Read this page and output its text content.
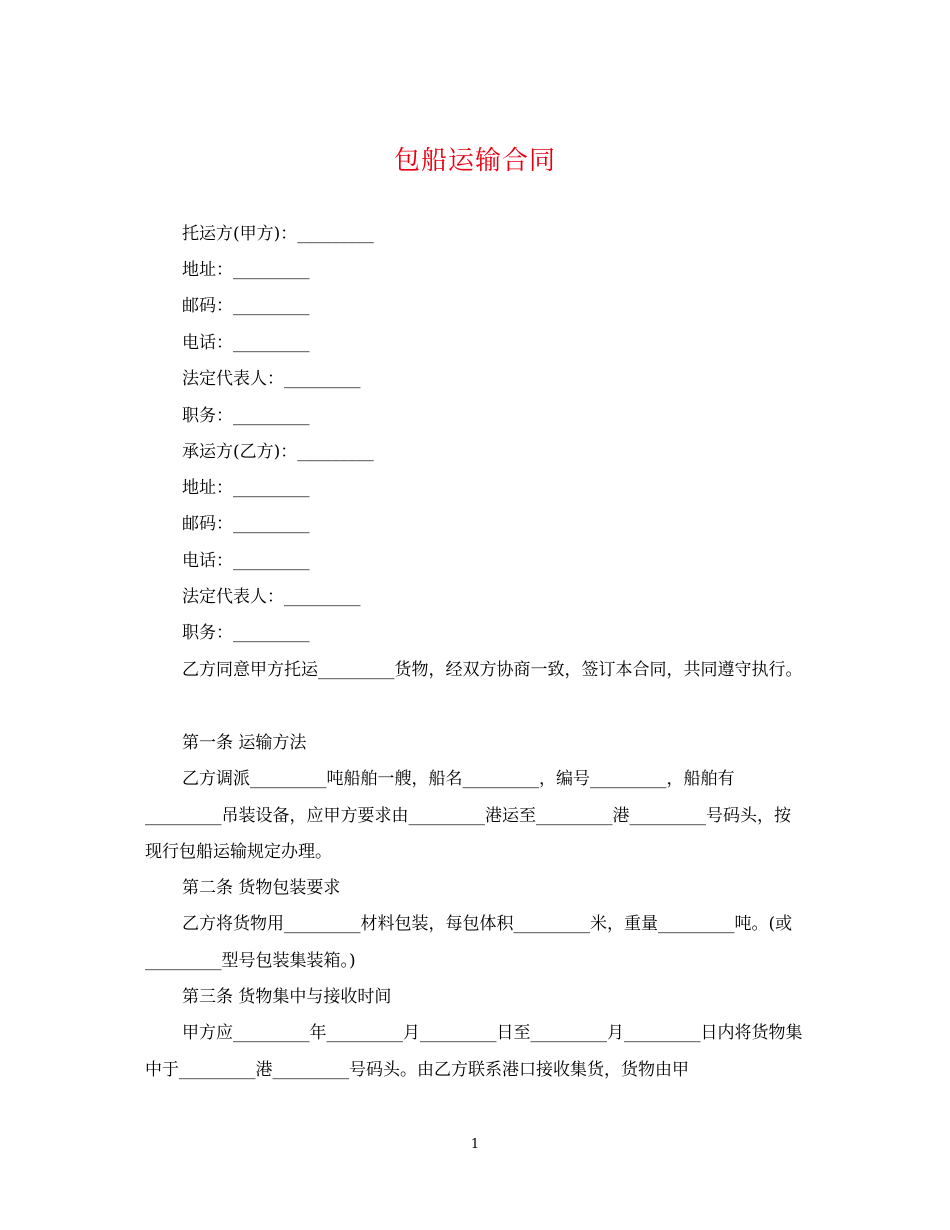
包船运输合同
托运方(甲方)：_________
地址：_________
邮码：_________
电话：_________
法定代表人：_________
职务：_________
承运方(乙方)：_________
地址：_________
邮码：_________
电话：_________
法定代表人：_________
职务：_________
乙方同意甲方托运_________货物，经双方协商一致，签订本合同，共同遵守执行。
第一条 运输方法
乙方调派_________吨船舶一艘，船名_________，编号_________，船舶有_________吊装设备，应甲方要求由_________港运至_________港_________号码头，按现行包船运输规定办理。
第二条 货物包装要求
乙方将货物用_________材料包装，每包体积_________米，重量_________吨。(或_________型号包装集装箱。)
第三条 货物集中与接收时间
甲方应_________年_________月_________日至_________月_________日内将货物集中于_________港_________号码头。由乙方联系港口接收集货，货物由甲
1
